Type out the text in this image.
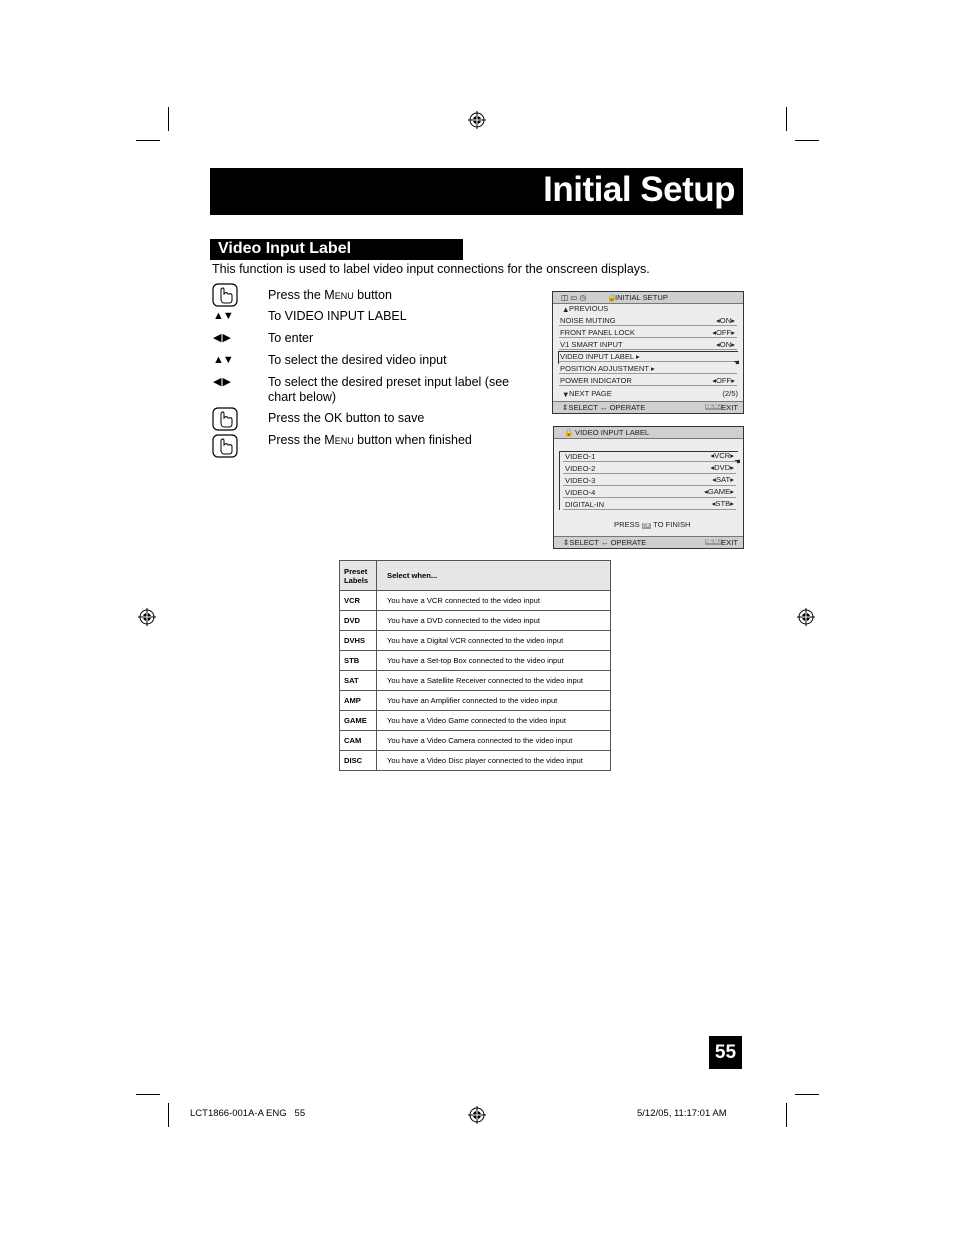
Initial Setup
Video Input Label
This function is used to label video input connections for the onscreen displays.
Press the Menu button
▲▼	To VIDEO INPUT LABEL
◀ ▶	To enter
▲▼	To select the desired video input
◀ ▶	To select the desired preset input label (see
chart below)
Press the OK button to save
Press the Menu button when finished
◫ ▭ ◷	🔒
INITIAL SETUP
▲ PREVIOUS
NOISE MUTING	◂ON▸
FRONT PANEL LOCK	◂OFF▸
V1 SMART INPUT	◂ON▸
VIDEO INPUT LABEL ▸
POSITION ADJUSTMENT ▸
☚
POWER INDICATOR	◂OFF▸
▼ NEXT PAGE	(2/5)
⇕SELECT ↔ OPERATE	MENU EXIT
🔒 VIDEO INPUT LABEL
VIDEO-1	◂VCR▸
VIDEO-2	◂DVD▸
VIDEO-3	◂SAT▸
VIDEO-4	◂GAME▸
DIGITAL-IN	◂STB▸
☚
PRESS OK TO FINISH
⇕SELECT ↔ OPERATE	MENU EXIT
Preset Labels	Select when...
VCR	You have a VCR connected to the video input
DVD	You have a DVD connected to the video input
DVHS	You have a Digital VCR connected to the video input
STB	You have a Set-top Box connected to the video input
SAT	You have a Satellite Receiver connected to the video input
AMP	You have an Amplifier connected to the video input
GAME	You have a Video Game connected to the video input
CAM	You have a Video Camera connected to the video input
DISC	You have a Video Disc player connected to the video input
55
LCT1866-001A-A ENG   55	5/12/05, 11:17:01 AM
